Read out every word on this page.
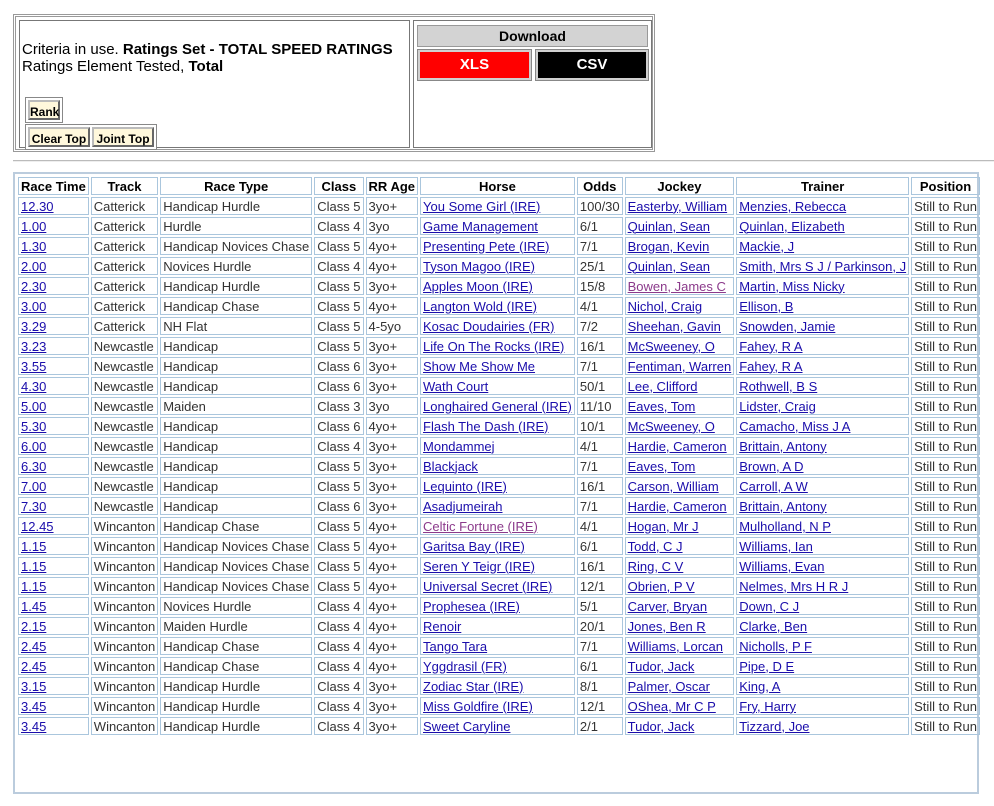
Criteria in use. Ratings Set - TOTAL SPEED RATINGS
Ratings Element Tested, Total
Rank
Clear Top Joint Top
Download
XLS	CSV
Race Time	Track	Race Type	Class	RR Age	Horse	Odds	Jockey	Trainer	Position
12.30	Catterick	Handicap Hurdle	Class 5	3yo+	You Some Girl (IRE)	100/30	Easterby, William	Menzies, Rebecca	Still to Run
1.00	Catterick	Hurdle	Class 4	3yo	Game Management	6/1	Quinlan, Sean	Quinlan, Elizabeth	Still to Run
1.30	Catterick	Handicap Novices Chase	Class 5	4yo+	Presenting Pete (IRE)	7/1	Brogan, Kevin	Mackie, J	Still to Run
2.00	Catterick	Novices Hurdle	Class 4	4yo+	Tyson Magoo (IRE)	25/1	Quinlan, Sean	Smith, Mrs S J / Parkinson, J	Still to Run
2.30	Catterick	Handicap Hurdle	Class 5	3yo+	Apples Moon (IRE)	15/8	Bowen, James C	Martin, Miss Nicky	Still to Run
3.00	Catterick	Handicap Chase	Class 5	4yo+	Langton Wold (IRE)	4/1	Nichol, Craig	Ellison, B	Still to Run
3.29	Catterick	NH Flat	Class 5	4-5yo	Kosac Doudairies (FR)	7/2	Sheehan, Gavin	Snowden, Jamie	Still to Run
3.23	Newcastle	Handicap	Class 5	3yo+	Life On The Rocks (IRE)	16/1	McSweeney, O	Fahey, R A	Still to Run
3.55	Newcastle	Handicap	Class 6	3yo+	Show Me Show Me	7/1	Fentiman, Warren	Fahey, R A	Still to Run
4.30	Newcastle	Handicap	Class 6	3yo+	Wath Court	50/1	Lee, Clifford	Rothwell, B S	Still to Run
5.00	Newcastle	Maiden	Class 3	3yo	Longhaired General (IRE)	11/10	Eaves, Tom	Lidster, Craig	Still to Run
5.30	Newcastle	Handicap	Class 6	4yo+	Flash The Dash (IRE)	10/1	McSweeney, O	Camacho, Miss J A	Still to Run
6.00	Newcastle	Handicap	Class 4	3yo+	Mondammej	4/1	Hardie, Cameron	Brittain, Antony	Still to Run
6.30	Newcastle	Handicap	Class 5	3yo+	Blackjack	7/1	Eaves, Tom	Brown, A D	Still to Run
7.00	Newcastle	Handicap	Class 5	3yo+	Lequinto (IRE)	16/1	Carson, William	Carroll, A W	Still to Run
7.30	Newcastle	Handicap	Class 6	3yo+	Asadjumeirah	7/1	Hardie, Cameron	Brittain, Antony	Still to Run
12.45	Wincanton	Handicap Chase	Class 5	4yo+	Celtic Fortune (IRE)	4/1	Hogan, Mr J	Mulholland, N P	Still to Run
1.15	Wincanton	Handicap Novices Chase	Class 5	4yo+	Garitsa Bay (IRE)	6/1	Todd, C J	Williams, Ian	Still to Run
1.15	Wincanton	Handicap Novices Chase	Class 5	4yo+	Seren Y Teigr (IRE)	16/1	Ring, C V	Williams, Evan	Still to Run
1.15	Wincanton	Handicap Novices Chase	Class 5	4yo+	Universal Secret (IRE)	12/1	Obrien, P V	Nelmes, Mrs H R J	Still to Run
1.45	Wincanton	Novices Hurdle	Class 4	4yo+	Prophesea (IRE)	5/1	Carver, Bryan	Down, C J	Still to Run
2.15	Wincanton	Maiden Hurdle	Class 4	4yo+	Renoir	20/1	Jones, Ben R	Clarke, Ben	Still to Run
2.45	Wincanton	Handicap Chase	Class 4	4yo+	Tango Tara	7/1	Williams, Lorcan	Nicholls, P F	Still to Run
2.45	Wincanton	Handicap Chase	Class 4	4yo+	Yggdrasil (FR)	6/1	Tudor, Jack	Pipe, D E	Still to Run
3.15	Wincanton	Handicap Hurdle	Class 4	3yo+	Zodiac Star (IRE)	8/1	Palmer, Oscar	King, A	Still to Run
3.45	Wincanton	Handicap Hurdle	Class 4	3yo+	Miss Goldfire (IRE)	12/1	OShea, Mr C P	Fry, Harry	Still to Run
3.45	Wincanton	Handicap Hurdle	Class 4	3yo+	Sweet Caryline	2/1	Tudor, Jack	Tizzard, Joe	Still to Run
